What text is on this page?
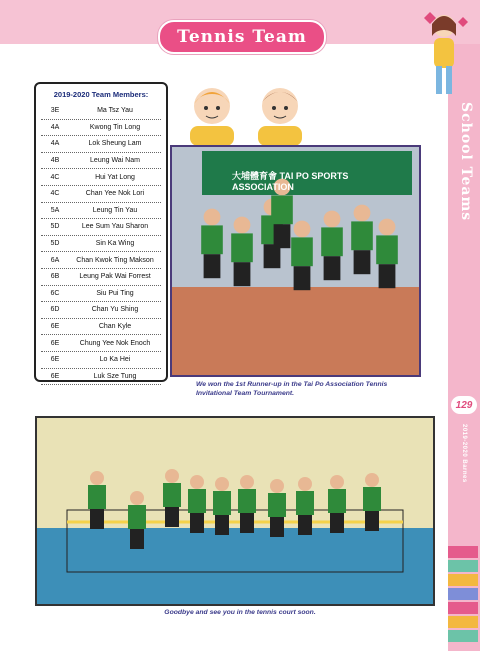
Tennis Team
School Teams
129
2019-2020 Barnes
2019-2020 Team Members:
3E	Ma Tsz Yau
4A	Kwong Tin Long
4A	Lok Sheung Lam
4B	Leung Wai Nam
4C	Hui Yat Long
4C	Chan Yee Nok Lori
5A	Leung Tin Yau
5D	Lee Sum Yau Sharon
5D	Sin Ka Wing
6A	Chan Kwok Ting Makson
6B	Leung Pak Wai Forrest
6C	Siu Pui Ting
6D	Chan Yu Shing
6E	Chan Kyle
6E	Chung Yee Nok Enoch
6E	Lo Ka Hei
6E	Luk Sze Tung
大埔體育會 TAI PO SPORTS ASSOCIATION
We won the 1st Runner-up in the Tai Po Association Tennis
Invitational Team Tournament.
Goodbye and see you in the tennis court soon.
